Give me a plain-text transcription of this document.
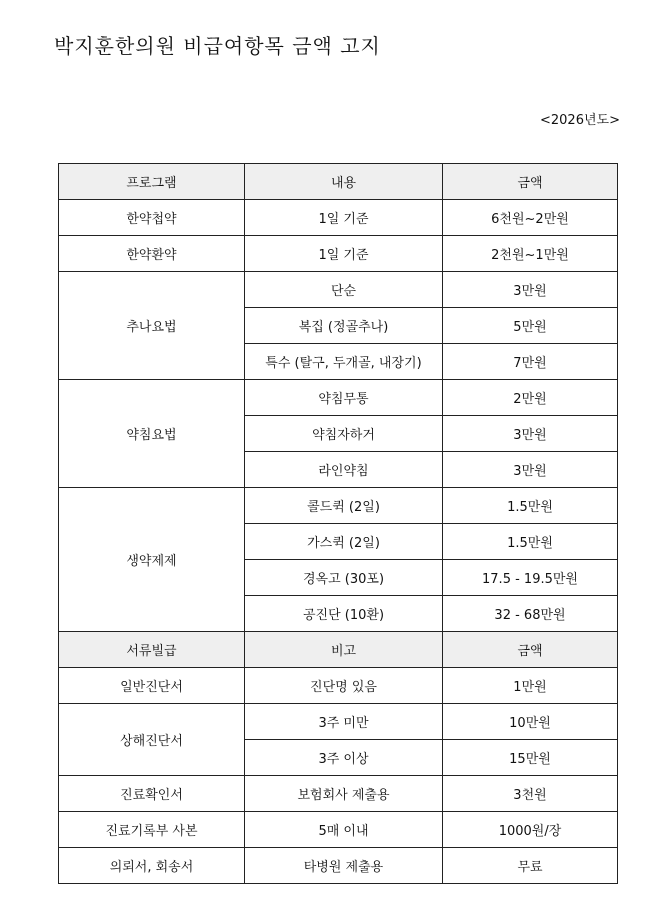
박지훈한의원 비급여항목 금액 고지
<2026년도>
프로그램	내용	금액
한약첩약	1일 기준	6천원~2만원
한약환약	1일 기준	2천원~1만원
추나요법	단순	3만원
	복집 (정골추나)	5만원
	특수 (탈구, 두개골, 내장기)	7만원
약침요법	약침무통	2만원
	약침자하거	3만원
	라인약침	3만원
생약제제	콜드퀵 (2일)	1.5만원
	가스퀵 (2일)	1.5만원
	경옥고 (30포)	17.5 - 19.5만원
	공진단 (10환)	32 - 68만원
서류빌급	비고	금액
일반진단서	진단명 있음	1만원
상해진단서	3주 미만	10만원
	3주 이상	15만원
진료확인서	보험회사 제출용	3천원
진료기록부 사본	5매 이내	1000원/장
의뢰서, 회송서	타병원 제출용	무료
